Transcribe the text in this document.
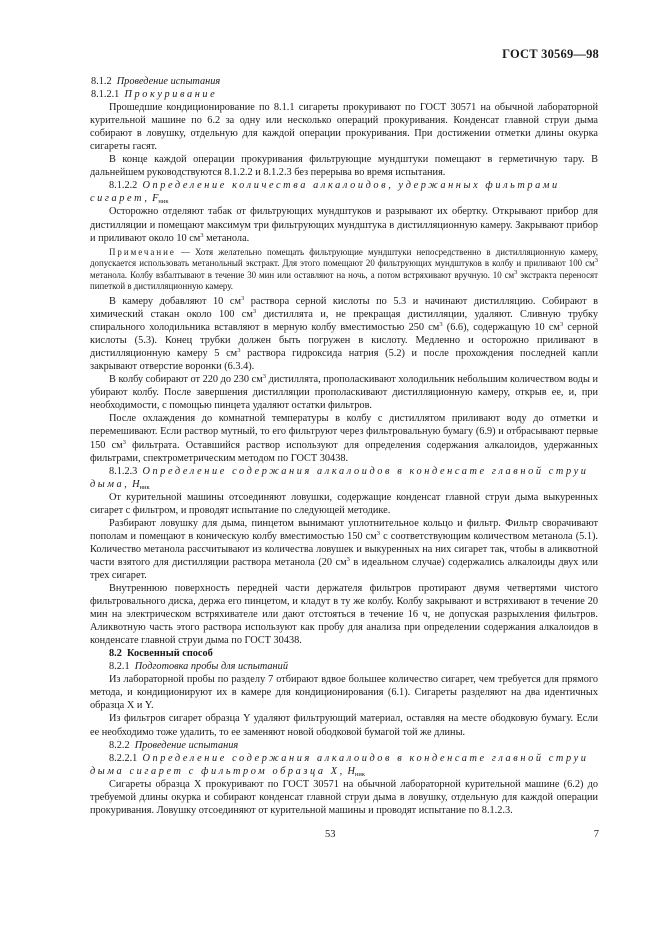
ГОСТ 30569—98

8.1.2 Проведение испытания

8.1.2.1 Прокуривание

Прошедшие кондиционирование по 8.1.1 сигареты прокуривают по ГОСТ 30571 на обычной лабораторной курительной машине по 6.2 за одну или несколько операций прокуривания. Конденсат главной струи дыма собирают в ловушку, отдельную для каждой операции прокуривания. При достижении отметки длины окурка сигареты гасят.

В конце каждой операции прокуривания фильтрующие мундштуки помещают в герметичную тару. В дальнейшем руководствуются 8.1.2.2 и 8.1.2.3 без перерыва во время испытания.

8.1.2.2 Определение количества алкалоидов, удержанных фильтрами сигарет, $F_{ник}$

Осторожно отделяют табак от фильтрующих мундштуков и разрывают их обертку. Открывают прибор для дистилляции и помещают максимум три фильтрующих мундштука в дистилляционную камеру. Закрывают прибор и приливают около 10 $см^3$ метанола.

Примечание — Хотя желательно помещать фильтрующие мундштуки непосредственно в дистилляционную камеру, допускается использовать метанольный экстракт. Для этого помещают 20 фильтрующих мундштуков в колбу и приливают 100 $см^3$ метанола. Колбу взбалтывают в течение 30 мин или оставляют на ночь, а потом встряхивают вручную. 10 $см^3$ экстракта переносят пипеткой в дистилляционную камеру.

В камеру добавляют 10 $см^3$ раствора серной кислоты по 5.3 и начинают дистилляцию. Собирают в химический стакан около 100 $см^3$ дистиллята и, не прекращая дистилляции, удаляют. Сливную трубку спирального холодильника вставляют в мерную колбу вместимостью 250 $см^3$ (6.6), содержащую 10 $см^3$ серной кислоты (5.3). Конец трубки должен быть погружен в кислоту. Медленно и осторожно приливают в дистилляционную камеру 5 $см^3$ раствора гидроксида натрия (5.2) и после прохождения последней капли закрывают отверстие воронки (6.3.4).

В колбу собирают от 220 до 230 $см^3$ дистиллята, прополаскивают холодильник небольшим количеством воды и убирают колбу. После завершения дистилляции прополаскивают дистилляционную камеру, открыв ее, и, при необходимости, с помощью пинцета удаляют остатки фильтров.

После охлаждения до комнатной температуры в колбу с дистиллятом приливают воду до отметки и перемешивают. Если раствор мутный, то его фильтруют через фильтровальную бумагу (6.9) и отбрасывают первые 150 $см^3$ фильтрата. Оставшийся раствор используют для определения содержания алкалоидов, удержанных фильтрами, спектрометрическим методом по ГОСТ 30438.

8.1.2.3 Определение содержания алкалоидов в конденсате главной струи дыма, $H_{ник}$

От курительной машины отсоединяют ловушки, содержащие конденсат главной струи дыма выкуренных сигарет с фильтром, и проводят испытание по следующей методике.

Разбирают ловушку для дыма, пинцетом вынимают уплотнительное кольцо и фильтр. Фильтр сворачивают пополам и помещают в коническую колбу вместимостью 150 $см^3$ с соответствующим количеством метанола (5.1). Количество метанола рассчитывают из количества ловушек и выкуренных на них сигарет так, чтобы в аликвотной части взятого для дистилляции раствора метанола (20 $см^3$ в идеальном случае) содержались алкалоиды двух или трех сигарет.

Внутреннюю поверхность передней части держателя фильтров протирают двумя четвертями чистого фильтровального диска, держа его пинцетом, и кладут в ту же колбу. Колбу закрывают и встряхивают в течение 20 мин на электрическом встряхивателе или дают отстояться в течение 16 ч, не допуская разрыхления фильтров. Аликвотную часть этого раствора используют как пробу для анализа при определении содержания алкалоидов в конденсате главной струи дыма по ГОСТ 30438.

8.2 Косвенный способ

8.2.1 Подготовка пробы для испытаний

Из лабораторной пробы по разделу 7 отбирают вдвое большее количество сигарет, чем требуется для прямого метода, и кондиционируют их в камере для кондиционирования (6.1). Сигареты разделяют на два идентичных образца X и Y.

Из фильтров сигарет образца Y удаляют фильтрующий материал, оставляя на месте ободковую бумагу. Если ее необходимо тоже удалить, то ее заменяют новой ободковой бумагой той же длины.

8.2.2 Проведение испытания

8.2.2.1 Определение содержания алкалоидов в конденсате главной струи дыма сигарет с фильтром образца X, $H_{ник}$

Сигареты образца X прокуривают по ГОСТ 30571 на обычной лабораторной курительной машине (6.2) до требуемой длины окурка и собирают конденсат главной струи дыма в ловушку, отдельную для каждой операции прокуривания. Ловушку отсоединяют от курительной машины и проводят испытание по 8.1.2.3.

53	7
